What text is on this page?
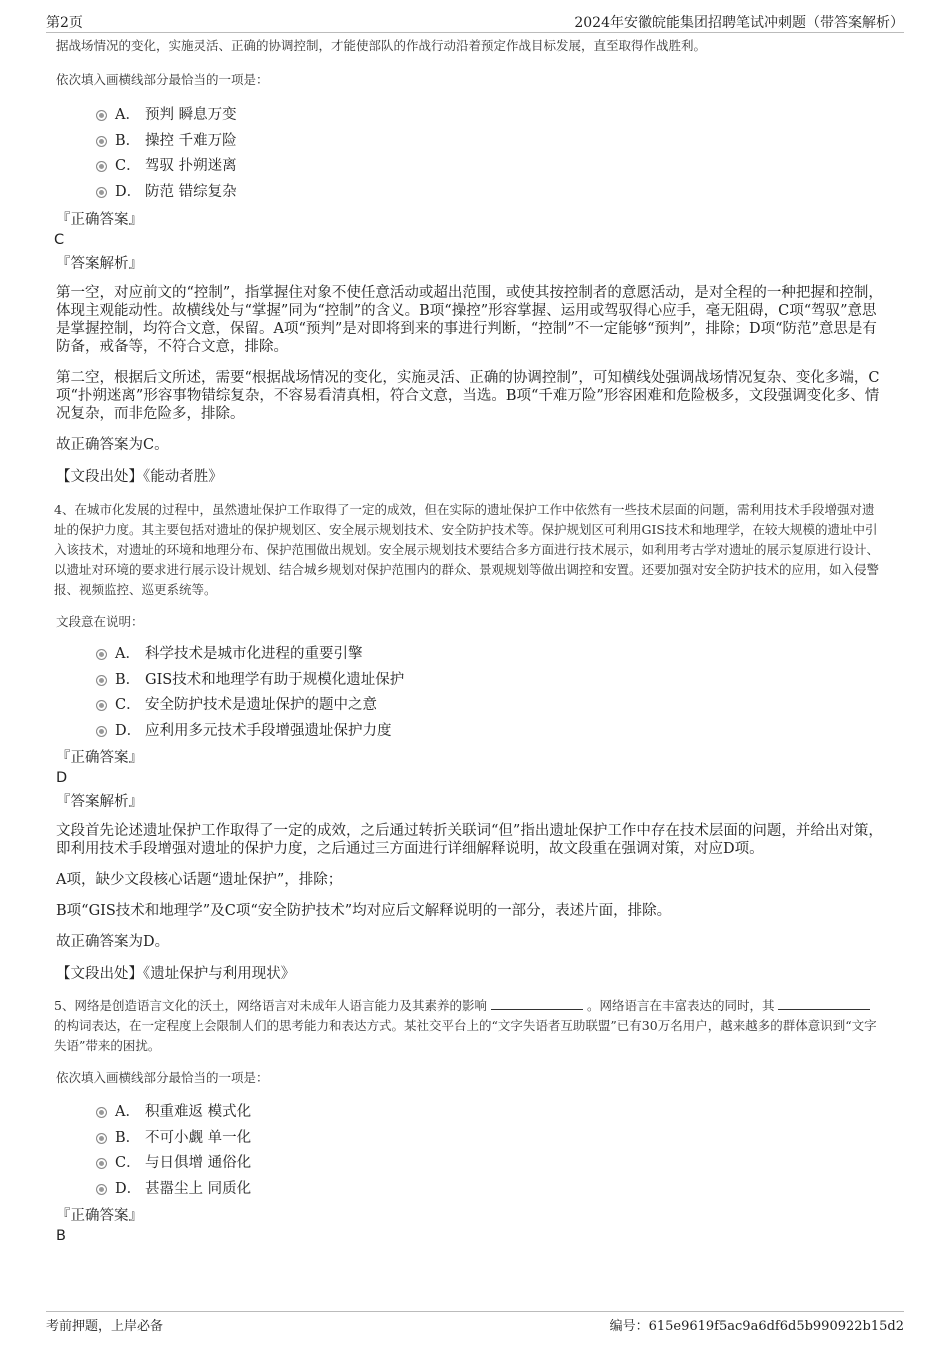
第2页	2024年安徽皖能集团招聘笔试冲刺题（带答案解析）

据战场情况的变化，实施灵活、正确的协调控制，才能使部队的作战行动沿着预定作战目标发展，直至取得作战胜利。

依次填入画横线部分最恰当的一项是：

A． 预判 瞬息万变
B． 操控 千难万险
C． 驾驭 扑朔迷离
D． 防范 错综复杂

『正确答案』

C

『答案解析』

第一空，对应前文的“控制”，指掌握住对象不使任意活动或超出范围，或使其按控制者的意愿活动，是对全程的一种把握和控制，体现主观能动性。故横线处与“掌握”同为“控制”的含义。B项“操控”形容掌握、运用或驾驭得心应手，毫无阻碍，C项“驾驭”意思是掌握控制，均符合文意，保留。A项“预判”是对即将到来的事进行判断，“控制”不一定能够“预判”，排除；D项“防范”意思是有防备，戒备等，不符合文意，排除。

第二空，根据后文所述，需要“根据战场情况的变化，实施灵活、正确的协调控制”，可知横线处强调战场情况复杂、变化多端，C项“扑朔迷离”形容事物错综复杂，不容易看清真相，符合文意，当选。B项“千难万险”形容困难和危险极多，文段强调变化多、情况复杂，而非危险多，排除。

故正确答案为C。

【文段出处】《能动者胜》

4、在城市化发展的过程中，虽然遗址保护工作取得了一定的成效，但在实际的遗址保护工作中依然有一些技术层面的问题，需利用技术手段增强对遗址的保护力度。其主要包括对遗址的保护规划区、安全展示规划技术、安全防护技术等。保护规划区可利用GIS技术和地理学，在较大规模的遗址中引入该技术，对遗址的环境和地理分布、保护范围做出规划。安全展示规划技术要结合多方面进行技术展示，如利用考古学对遗址的展示复原进行设计、以遗址对环境的要求进行展示设计规划、结合城乡规划对保护范围内的群众、景观规划等做出调控和安置。还要加强对安全防护技术的应用，如入侵警报、视频监控、巡更系统等。

文段意在说明：

A． 科学技术是城市化进程的重要引擎
B． GIS技术和地理学有助于规模化遗址保护
C． 安全防护技术是遗址保护的题中之意
D． 应利用多元技术手段增强遗址保护力度

『正确答案』

D

『答案解析』

文段首先论述遗址保护工作取得了一定的成效，之后通过转折关联词“但”指出遗址保护工作中存在技术层面的问题，并给出对策，即利用技术手段增强对遗址的保护力度，之后通过三方面进行详细解释说明，故文段重在强调对策，对应D项。

A项，缺少文段核心话题“遗址保护”，排除；

B项“GIS技术和地理学”及C项“安全防护技术”均对应后文解释说明的一部分，表述片面，排除。

故正确答案为D。

【文段出处】《遗址保护与利用现状》

5、网络是创造语言文化的沃土，网络语言对未成年人语言能力及其素养的影响	。网络语言在丰富表达的同时，其  的构词表达，在一定程度上会限制人们的思考能力和表达方式。某社交平台上的“文字失语者互助联盟”已有30万名用户，越来越多的群体意识到“文字失语”带来的困扰。

依次填入画横线部分最恰当的一项是：

A． 积重难返 模式化
B． 不可小觑 单一化
C． 与日俱增 通俗化
D． 甚嚣尘上 同质化

『正确答案』

B

考前押题，上岸必备	编号：615e9619f5ac9a6df6d5b990922b15d2
